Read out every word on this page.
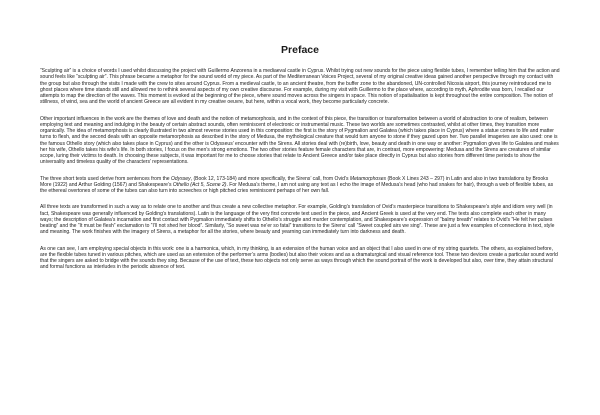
Preface

“Sculpting air” is a choice of words I used whilst discussing the project with Guillermo Anzorena in a mediaeval castle in Cyprus. Whilst trying out new sounds for the piece using flexible tubes, I remember telling him that the action and sound feels like “sculpting air”. This phrase became a metaphor for the sound world of my piece. As part of the Mediterranean Voices Project, several of my original creative ideas gained another perspective through my contact with the group but also through the visits I made with the crew to sites around Cyprus. From a medieval castle, to an ancient theatre, from the buffer zone to the abandoned, UN-controlled Nicosia airport, this journey reintroduced me to ghost places where time stands still and allowed me to rethink several aspects of my own creative discourse. For example, during my visit with Guillermo to the place where, according to myth, Aphrodite was born, I recalled our attempts to map the direction of the waves. This moment is evoked at the beginning of the piece, where sound moves across the singers in space. This notion of spatialisation is kept throughout the entire composition. The notion of stillness, of wind, sea and the world of ancient Greece are all evident in my creative oeuvre, but here, within a vocal work, they become particularly concrete.

Other important influences in the work are the themes of love and death and the notion of metamorphosis, and in the context of this piece, the transition or transformation between a world of abstraction to one of realism, between employing text and meaning and indulging in the beauty of certain abstract sounds, often reminiscent of electronic or instrumental music. These two worlds are sometimes contrasted, whilst at other times, they transition more organically. The idea of metamorphosis is clearly illustrated in two almost reverse stories used in this composition: the first is the story of Pygmalion and Galatea (which takes place in Cyprus) where a statue comes to life and matter turns to flesh, and the second deals with an opposite metamorphosis as described in the story of Medusa, the mythological creature that would turn anyone to stone if they gazed upon her. Two parallel imageries are also used: one is the famous Othello story (which also takes place in Cyprus) and the other is Odysseus’ encounter with the Sirens. All stories deal with (re)birth, love, beauty and death in one way or another: Pygmalion gives life to Galatea and makes her his wife, Othello takes his wife’s life. In both stories, I focus on the men’s strong emotions. The two other stories feature female characters that are, in contrast, more empowering: Medusa and the Sirens are creatures of similar scope, luring their victims to death. In choosing these subjects, it was important for me to choose stories that relate to Ancient Greece and/or take place directly in Cyprus but also stories from different time periods to show the universality and timeless quality of the characters’ representations.

The three short texts used derive from sentences from the Odyssey, (Book 12, 173-184) and more specifically, the Sirens’ call, from Ovid’s Metamorphoses (Book X Lines 243 – 297) in Latin and also in two translations by Brooks More (1922) and Arthur Golding (1567) and Shakespeare’s Othello (Act 5, Scene 2). For Medusa’s theme, I am not using any text as I echo the image of Medusa’s head (who had snakes for hair), through a web of flexible tubes, as the ethereal overtones of some of the tubes can also turn into screeches or high pitched cries reminiscent perhaps of her own fall.

All three texts are transformed in such a way as to relate one to another and thus create a new collective metaphor. For example, Golding’s translation of Ovid’s masterpiece transitions to Shakespeare’s style and idiom very well (in fact, Shakespeare was generally influenced by Golding’s translations). Latin is the language of the very first concrete text used in the piece, and Ancient Greek is used at the very end. The texts also complete each other in many ways; the description of Galatea’s incarnation and first contact with Pygmalion immediately shifts to Othello’s struggle and murder contemplation, and Shakespeare’s expression of “balmy breath” relates to Ovid’s “He felt her pulses beating” and the “It must be flesh” exclamation to “I’ll not shed her blood”. Similarly, “So sweet was ne’er so fatal” transitions to the Sirens’ call “Sweet coupled airs we sing”. These are just a few examples of connections in text, style and meaning. The work finishes with the imagery of Sirens, a metaphor for all the stories, where beauty and yearning can immediately turn into darkness and death.

As one can see, I am employing special objects in this work: one is a harmonica, which, in my thinking, is an extension of the human voice and an object that I also used in one of my string quartets. The others, as explained before, are the flexible tubes tuned in various pitches, which are used as an extension of the performer’s arms (bodies) but also their voices and as a dramaturgical and visual reference tool. These two devices create a particular sound world that the singers are asked to bridge with the sounds they sing. Because of the use of text, these two objects not only serve as ways through which the sound portrait of the work is developed but also, over time, they attain structural and formal functions as interludes in the periodic absence of text.
